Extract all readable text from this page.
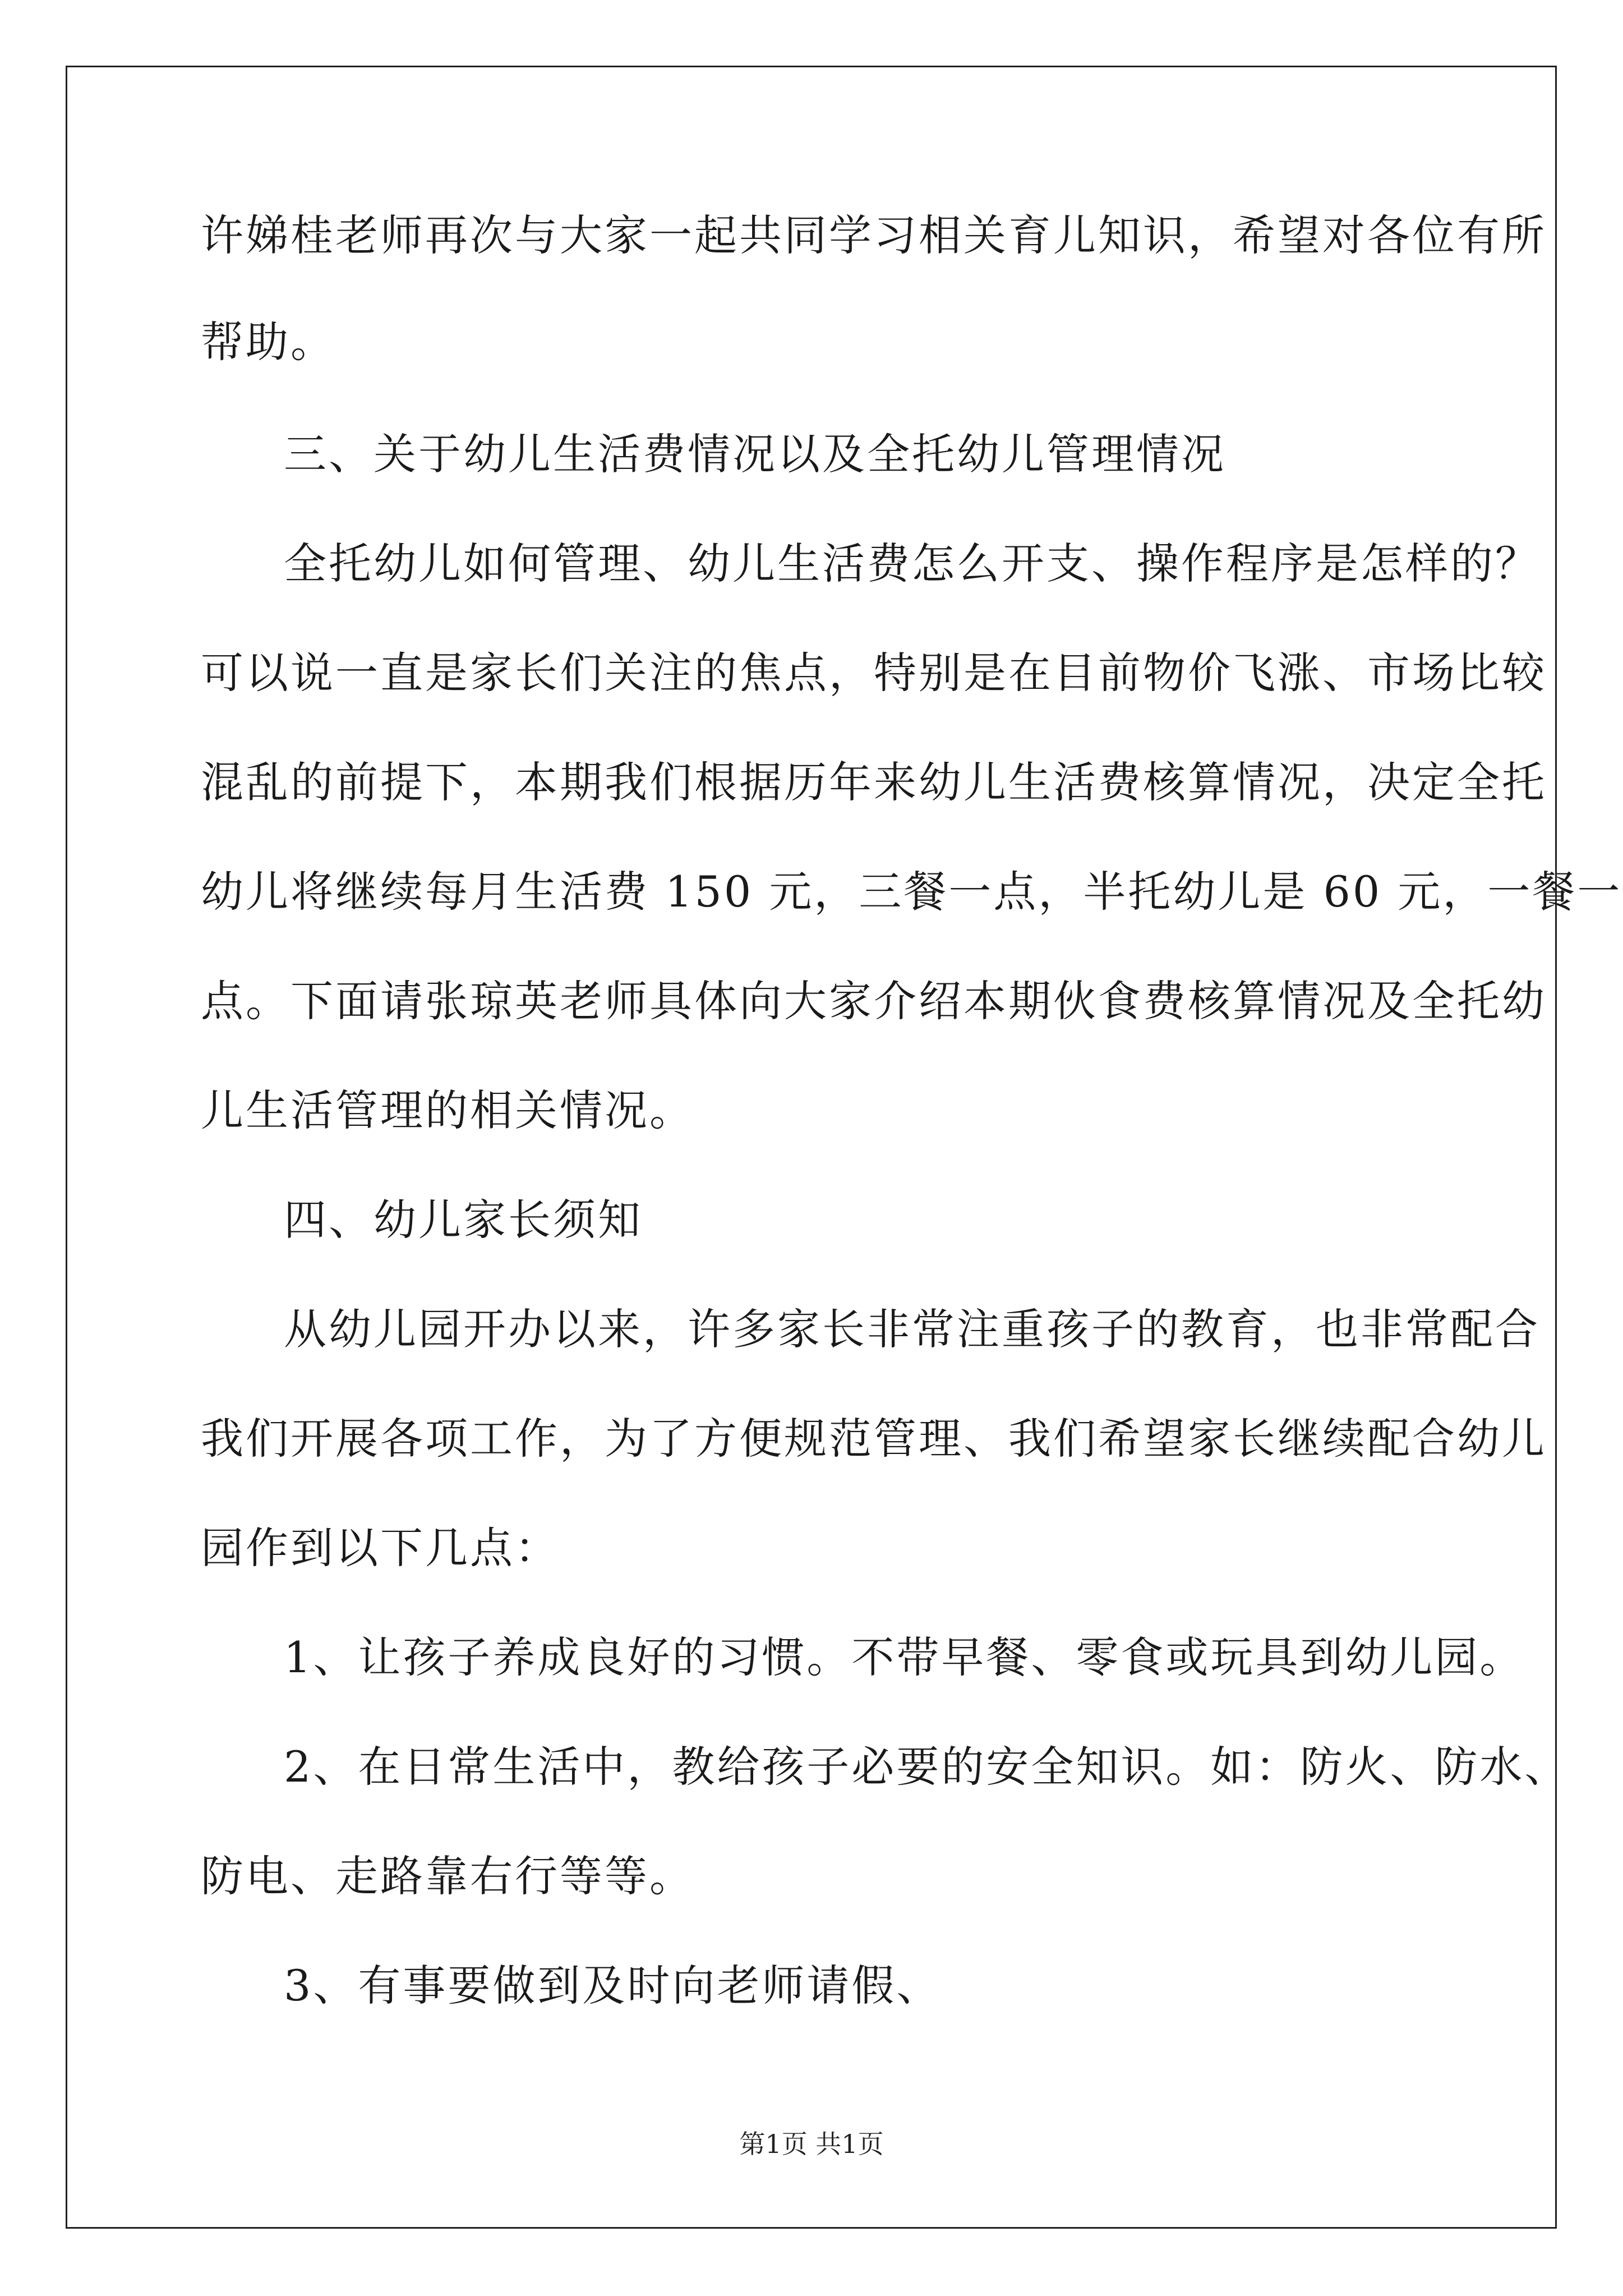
许娣桂老师再次与大家一起共同学习相关育儿知识，希望对各位有所
帮助。
三、关于幼儿生活费情况以及全托幼儿管理情况
全托幼儿如何管理、幼儿生活费怎么开支、操作程序是怎样的？
可以说一直是家长们关注的焦点，特别是在目前物价飞涨、市场比较
混乱的前提下，本期我们根据历年来幼儿生活费核算情况，决定全托
幼儿将继续每月生活费 150 元，三餐一点，半托幼儿是 60 元，一餐一
点。下面请张琼英老师具体向大家介绍本期伙食费核算情况及全托幼
儿生活管理的相关情况。
四、幼儿家长须知
从幼儿园开办以来，许多家长非常注重孩子的教育，也非常配合
我们开展各项工作，为了方便规范管理、我们希望家长继续配合幼儿
园作到以下几点：
1、让孩子养成良好的习惯。不带早餐、零食或玩具到幼儿园。
2、在日常生活中，教给孩子必要的安全知识。如：防火、防水、
防电、走路靠右行等等。
3、有事要做到及时向老师请假、
第1页 共1页
